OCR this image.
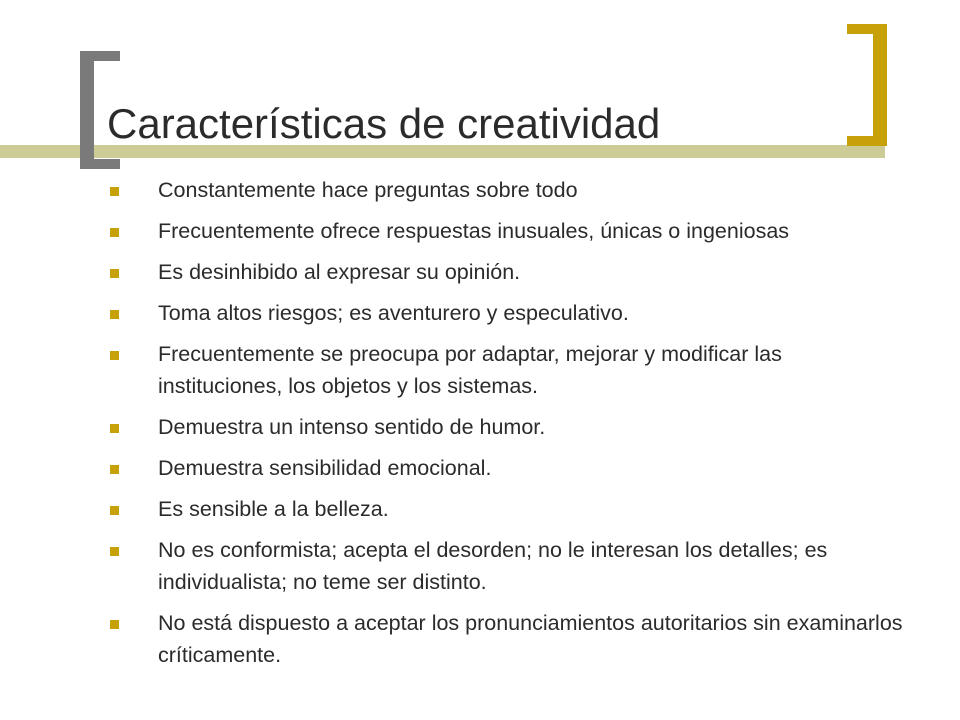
Características de creatividad
Constantemente hace preguntas sobre todo
Frecuentemente ofrece respuestas inusuales, únicas o ingeniosas
Es desinhibido al expresar su opinión.
Toma altos riesgos; es aventurero y especulativo.
Frecuentemente se preocupa por adaptar, mejorar y modificar las instituciones, los objetos y los sistemas.
Demuestra un intenso sentido de humor.
Demuestra sensibilidad emocional.
Es sensible a la belleza.
No es conformista; acepta el desorden; no le interesan los detalles; es individualista; no teme ser distinto.
No está dispuesto a aceptar los pronunciamientos autoritarios sin examinarlos críticamente.
